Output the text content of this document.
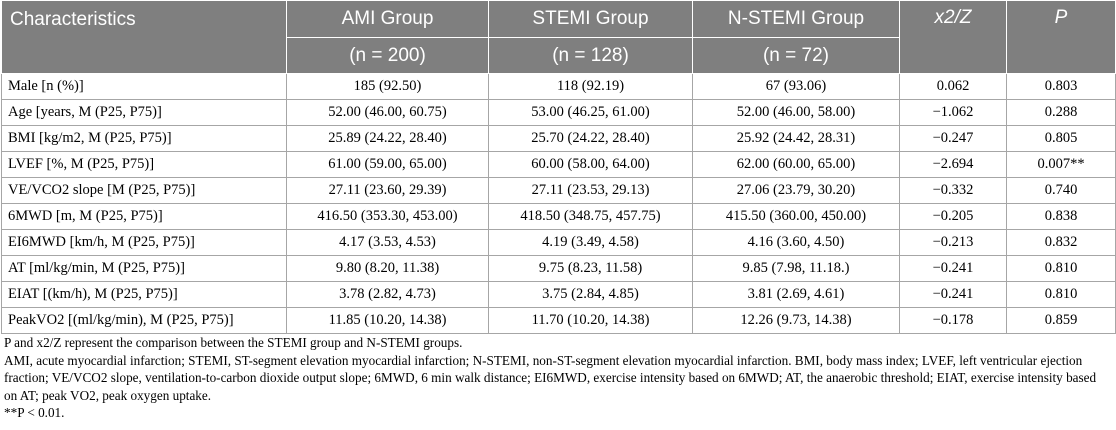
Characteristics	AMI Group	STEMI Group	N-STEMI Group	x2/Z	P
	(n = 200)	(n = 128)	(n = 72)		
Male [n (%)]	185 (92.50)	118 (92.19)	67 (93.06)	0.062	0.803
Age [years, M (P25, P75)]	52.00 (46.00, 60.75)	53.00 (46.25, 61.00)	52.00 (46.00, 58.00)	−1.062	0.288
BMI [kg/m2, M (P25, P75)]	25.89 (24.22, 28.40)	25.70 (24.22, 28.40)	25.92 (24.42, 28.31)	−0.247	0.805
LVEF [%, M (P25, P75)]	61.00 (59.00, 65.00)	60.00 (58.00, 64.00)	62.00 (60.00, 65.00)	−2.694	0.007**
VE/VCO2 slope [M (P25, P75)]	27.11 (23.60, 29.39)	27.11 (23.53, 29.13)	27.06 (23.79, 30.20)	−0.332	0.740
6MWD [m, M (P25, P75)]	416.50 (353.30, 453.00)	418.50 (348.75, 457.75)	415.50 (360.00, 450.00)	−0.205	0.838
EI6MWD [km/h, M (P25, P75)]	4.17 (3.53, 4.53)	4.19 (3.49, 4.58)	4.16 (3.60, 4.50)	−0.213	0.832
AT [ml/kg/min, M (P25, P75)]	9.80 (8.20, 11.38)	9.75 (8.23, 11.58)	9.85 (7.98, 11.18.)	−0.241	0.810
EIAT [(km/h), M (P25, P75)]	3.78 (2.82, 4.73)	3.75 (2.84, 4.85)	3.81 (2.69, 4.61)	−0.241	0.810
PeakVO2 [(ml/kg/min), M (P25, P75)]	11.85 (10.20, 14.38)	11.70 (10.20, 14.38)	12.26 (9.73, 14.38)	−0.178	0.859

P and x2/Z represent the comparison between the STEMI group and N-STEMI groups.

AMI, acute myocardial infarction; STEMI, ST-segment elevation myocardial infarction; N-STEMI, non-ST-segment elevation myocardial infarction. BMI, body mass index; LVEF, left ventricular ejection fraction; VE/VCO2 slope, ventilation-to-carbon dioxide output slope; 6MWD, 6 min walk distance; EI6MWD, exercise intensity based on 6MWD; AT, the anaerobic threshold; EIAT, exercise intensity based on AT; peak VO2, peak oxygen uptake.

**P < 0.01.
